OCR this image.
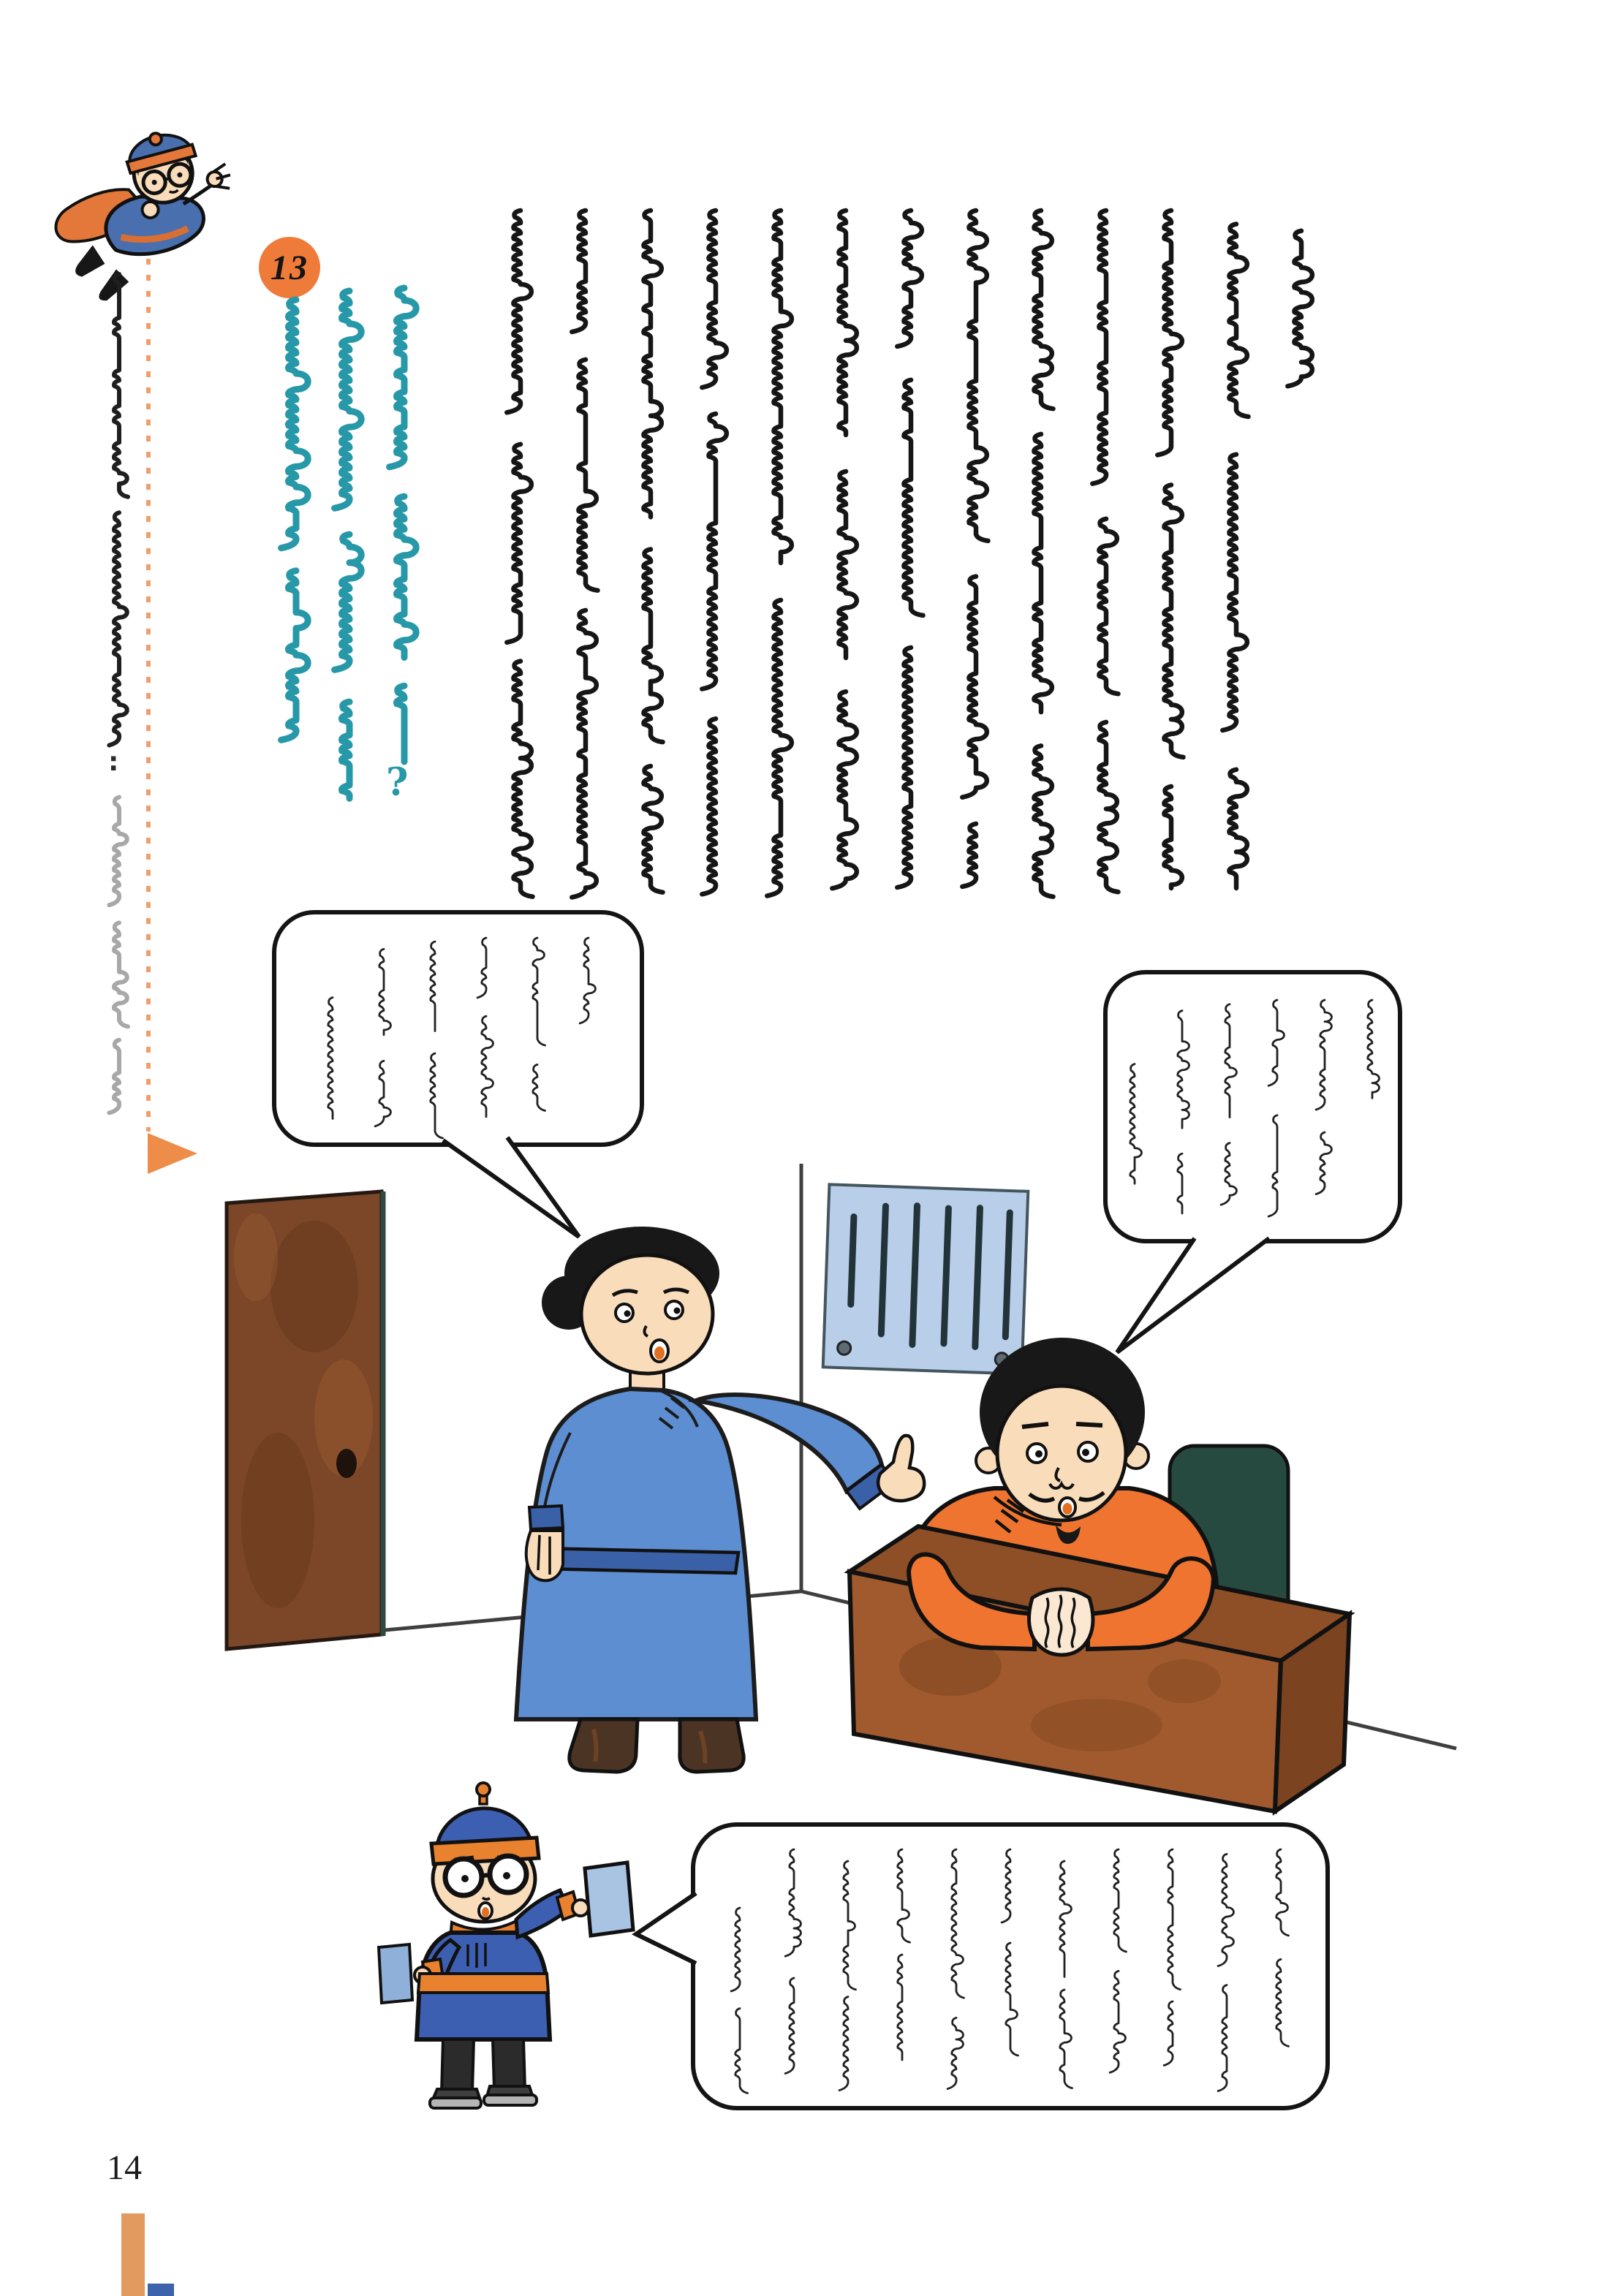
13
?
:
14
